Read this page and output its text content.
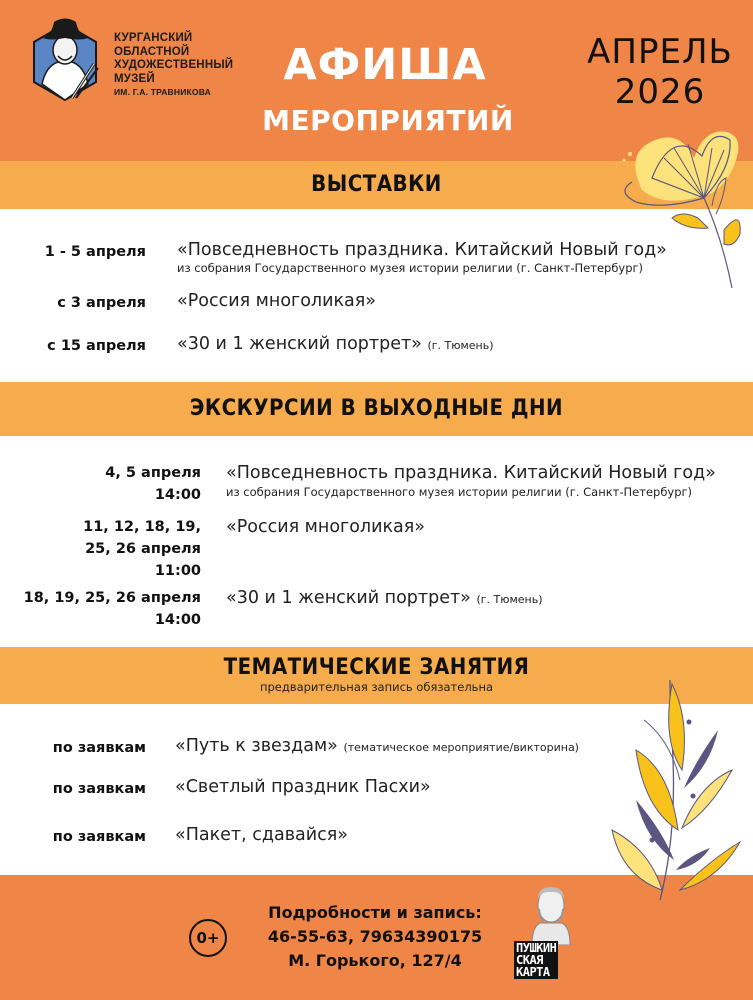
КУРГАНСКИЙ
ОБЛАСТНОЙ
ХУДОЖЕСТВЕННЫЙ
МУЗЕЙ
ИМ. Г.А. ТРАВНИКОВА
АФИША
МЕРОПРИЯТИЙ
АПРЕЛЬ
2026
ВЫСТАВКИ
1 - 5 апреля «Повседневность праздника. Китайский Новый год»
из собрания Государственного музея истории религии (г. Санкт-Петербург)
с 3 апреля «Россия многоликая»
с 15 апреля «30 и 1 женский портрет» (г. Тюмень)
ЭКСКУРСИИ В ВЫХОДНЫЕ ДНИ
4, 5 апреля
14:00
«Повседневность праздника. Китайский Новый год»
из собрания Государственного музея истории религии (г. Санкт-Петербург)
11, 12, 18, 19,
25, 26 апреля
11:00
«Россия многоликая»
18, 19, 25, 26 апреля
14:00
«30 и 1 женский портрет» (г. Тюмень)
ТЕМАТИЧЕСКИЕ ЗАНЯТИЯ
предварительная запись обязательна
по заявкам «Путь к звездам» (тематическое мероприятие/викторина)
по заявкам «Светлый праздник Пасхи»
по заявкам «Пакет, сдавайся»
0+
Подробности и запись:
46-55-63, 79634390175
М. Горького, 127/4
ПУШКИН
СКАЯ
КАРТА
